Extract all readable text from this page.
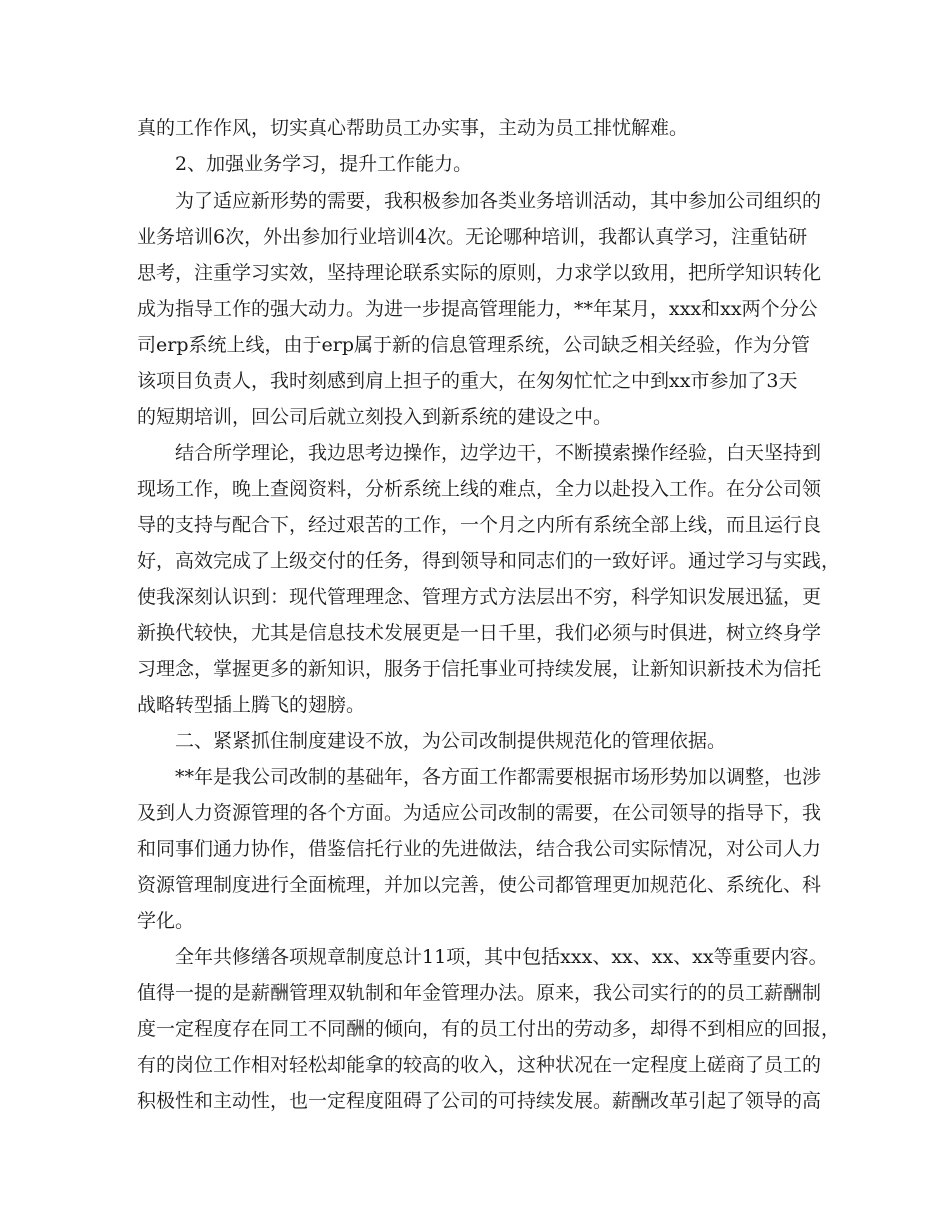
真的工作作风，切实真心帮助员工办实事，主动为员工排忧解难。

2、加强业务学习，提升工作能力。

为了适应新形势的需要，我积极参加各类业务培训活动，其中参加公司组织的

业务培训6次，外出参加行业培训4次。无论哪种培训，我都认真学习，注重钻研

思考，注重学习实效，坚持理论联系实际的原则，力求学以致用，把所学知识转化

成为指导工作的强大动力。为进一步提高管理能力，**年某月，xxx和xx两个分公

司erp系统上线，由于erp属于新的信息管理系统，公司缺乏相关经验，作为分管

该项目负责人，我时刻感到肩上担子的重大，在匆匆忙忙之中到xx市参加了3天

的短期培训，回公司后就立刻投入到新系统的建设之中。

结合所学理论，我边思考边操作，边学边干，不断摸索操作经验，白天坚持到

现场工作，晚上查阅资料，分析系统上线的难点，全力以赴投入工作。在分公司领

导的支持与配合下，经过艰苦的工作，一个月之内所有系统全部上线，而且运行良

好，高效完成了上级交付的任务，得到领导和同志们的一致好评。通过学习与实践，

使我深刻认识到：现代管理理念、管理方式方法层出不穷，科学知识发展迅猛，更

新换代较快，尤其是信息技术发展更是一日千里，我们必须与时俱进，树立终身学

习理念，掌握更多的新知识，服务于信托事业可持续发展，让新知识新技术为信托

战略转型插上腾飞的翅膀。

二、紧紧抓住制度建设不放，为公司改制提供规范化的管理依据。

**年是我公司改制的基础年，各方面工作都需要根据市场形势加以调整，也涉

及到人力资源管理的各个方面。为适应公司改制的需要，在公司领导的指导下，我

和同事们通力协作，借鉴信托行业的先进做法，结合我公司实际情况，对公司人力

资源管理制度进行全面梳理，并加以完善，使公司都管理更加规范化、系统化、科

学化。

全年共修缮各项规章制度总计11项，其中包括xxx、xx、xx、xx等重要内容。

值得一提的是薪酬管理双轨制和年金管理办法。原来，我公司实行的的员工薪酬制

度一定程度存在同工不同酬的倾向，有的员工付出的劳动多，却得不到相应的回报，

有的岗位工作相对轻松却能拿的较高的收入，这种状况在一定程度上磋商了员工的

积极性和主动性，也一定程度阻碍了公司的可持续发展。薪酬改革引起了领导的高
